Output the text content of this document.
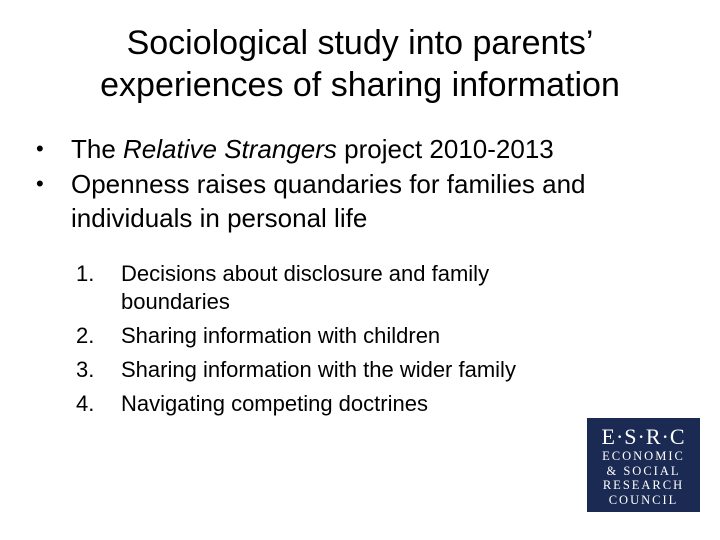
Sociological study into parents’
experiences of sharing information
• The Relative Strangers project 2010-2013
• Openness raises quandaries for families and
individuals in personal life
1. Decisions about disclosure and family
boundaries
2. Sharing information with children
3. Sharing information with the wider family
4. Navigating competing doctrines
E·S·R·C
ECONOMIC
& SOCIAL
RESEARCH
COUNCIL
